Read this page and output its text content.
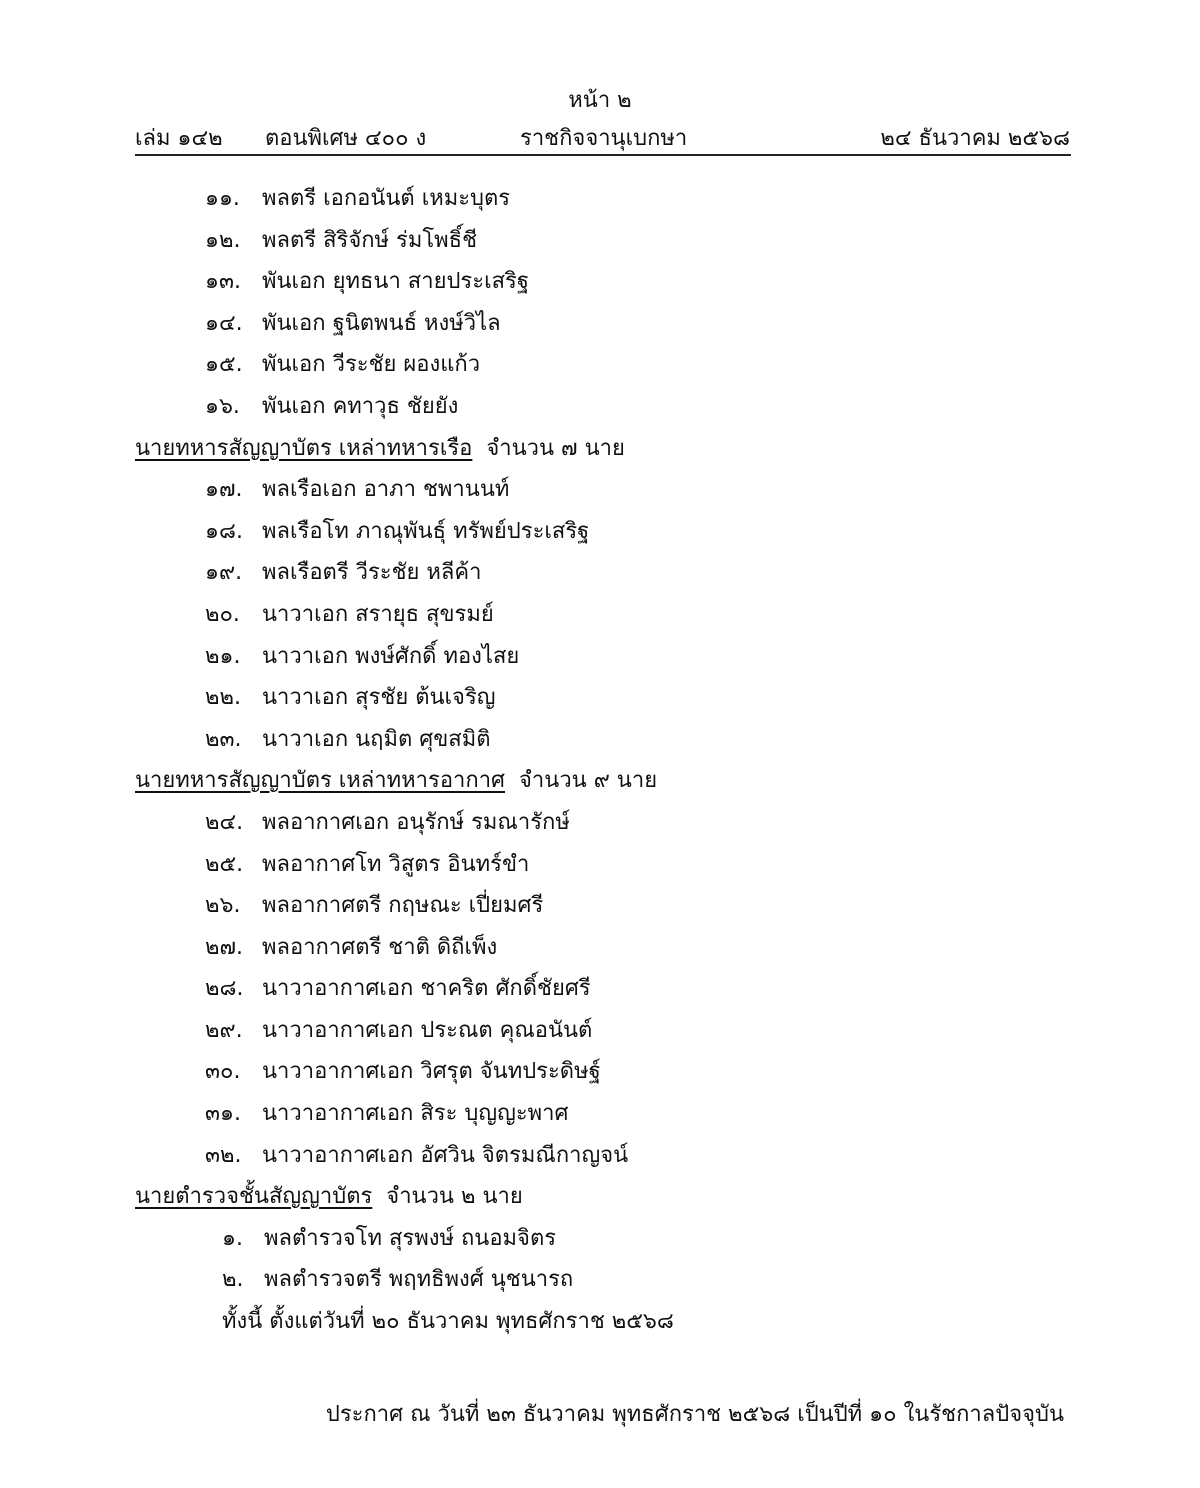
หน้า ๒
เล่ม ๑๔๒ ตอนพิเศษ ๔๐๐ ง	ราชกิจจานุเบกษา	๒๔ ธันวาคม ๒๕๖๘
๑๑. พลตรี เอกอนันต์ เหมะบุตร
๑๒. พลตรี สิริจักษ์ ร่มโพธิ์ชี
๑๓. พันเอก ยุทธนา สายประเสริฐ
๑๔. พันเอก ฐนิตพนธ์ หงษ์วิไล
๑๕. พันเอก วีระชัย ผองแก้ว
๑๖. พันเอก คทาวุธ ชัยยัง
นายทหารสัญญาบัตร เหล่าทหารเรือ จำนวน ๗ นาย
๑๗. พลเรือเอก อาภา ชพานนท์
๑๘. พลเรือโท ภาณุพันธุ์ ทรัพย์ประเสริฐ
๑๙. พลเรือตรี วีระชัย หลีค้า
๒๐. นาวาเอก สรายุธ สุขรมย์
๒๑. นาวาเอก พงษ์ศักดิ์ ทองไสย
๒๒. นาวาเอก สุรชัย ต้นเจริญ
๒๓. นาวาเอก นฤมิต ศุขสมิติ
นายทหารสัญญาบัตร เหล่าทหารอากาศ จำนวน ๙ นาย
๒๔. พลอากาศเอก อนุรักษ์ รมณารักษ์
๒๕. พลอากาศโท วิสูตร อินทร์ขำ
๒๖. พลอากาศตรี กฤษณะ เปี่ยมศรี
๒๗. พลอากาศตรี ชาติ ดิถีเพ็ง
๒๘. นาวาอากาศเอก ชาคริต ศักดิ์ชัยศรี
๒๙. นาวาอากาศเอก ประณต คุณอนันต์
๓๐. นาวาอากาศเอก วิศรุต จันทประดิษฐ์
๓๑. นาวาอากาศเอก สิระ บุญญะพาศ
๓๒. นาวาอากาศเอก อัศวิน จิตรมณีกาญจน์
นายตำรวจชั้นสัญญาบัตร จำนวน ๒ นาย
๑. พลตำรวจโท สุรพงษ์ ถนอมจิตร
๒. พลตำรวจตรี พฤทธิพงศ์ นุชนารถ
ทั้งนี้ ตั้งแต่วันที่ ๒๐ ธันวาคม พุทธศักราช ๒๕๖๘
ประกาศ ณ วันที่ ๒๓ ธันวาคม พุทธศักราช ๒๕๖๘ เป็นปีที่ ๑๐ ในรัชกาลปัจจุบัน
